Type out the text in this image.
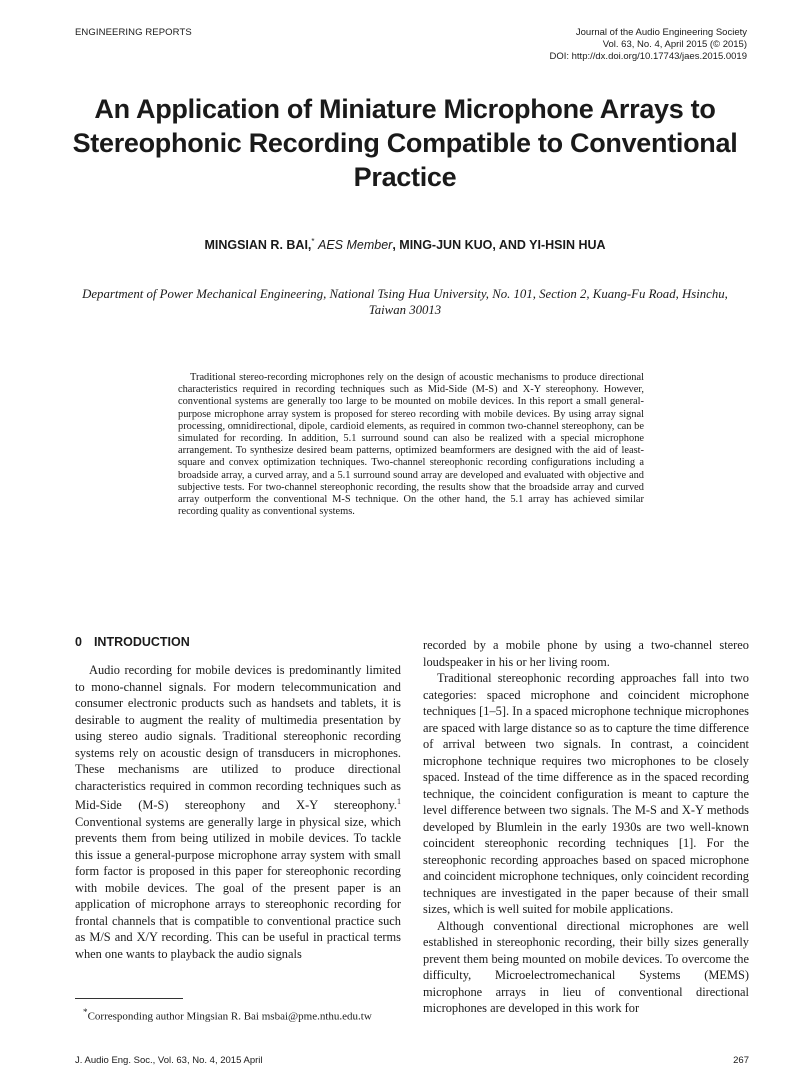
ENGINEERING REPORTS	Journal of the Audio Engineering Society
Vol. 63, No. 4, April 2015 (© 2015)
DOI: http://dx.doi.org/10.17743/jaes.2015.0019
An Application of Miniature Microphone Arrays to Stereophonic Recording Compatible to Conventional Practice
MINGSIAN R. BAI,* AES Member, MING-JUN KUO, AND YI-HSIN HUA
Department of Power Mechanical Engineering, National Tsing Hua University, No. 101, Section 2, Kuang-Fu Road, Hsinchu, Taiwan 30013
Traditional stereo-recording microphones rely on the design of acoustic mechanisms to produce directional characteristics required in recording techniques such as Mid-Side (M-S) and X-Y stereophony. However, conventional systems are generally too large to be mounted on mobile devices. In this report a small general-purpose microphone array system is proposed for stereo recording with mobile devices. By using array signal processing, omnidirectional, dipole, cardioid elements, as required in common two-channel stereophony, can be simulated for recording. In addition, 5.1 surround sound can also be realized with a special microphone arrangement. To synthesize desired beam patterns, optimized beamformers are designed with the aid of least-square and convex optimization techniques. Two-channel stereophonic recording configurations including a broadside array, a curved array, and a 5.1 surround sound array are developed and evaluated with objective and subjective tests. For two-channel stereophonic recording, the results show that the broadside array and curved array outperform the conventional M-S technique. On the other hand, the 5.1 array has achieved similar recording quality as conventional systems.
0 INTRODUCTION

Audio recording for mobile devices is predominantly limited to mono-channel signals. For modern telecommunication and consumer electronic products such as handsets and tablets, it is desirable to augment the reality of multimedia presentation by using stereo audio signals. Traditional stereophonic recording systems rely on acoustic design of transducers in microphones. These mechanisms are utilized to produce directional characteristics required in common recording techniques such as Mid-Side (M-S) stereophony and X-Y stereophony.$^1$ Conventional systems are generally large in physical size, which prevents them from being utilized in mobile devices. To tackle this issue a general-purpose microphone array system with small form factor is proposed in this paper for stereophonic recording with mobile devices. The goal of the present paper is an application of microphone arrays to stereophonic recording for frontal channels that is compatible to conventional practice such as M/S and X/Y recording. This can be useful in practical terms when one wants to playback the audio signals

recorded by a mobile phone by using a two-channel stereo loudspeaker in his or her living room.

Traditional stereophonic recording approaches fall into two categories: spaced microphone and coincident microphone techniques [1–5]. In a spaced microphone technique microphones are spaced with large distance so as to capture the time difference of arrival between two signals. In contrast, a coincident microphone technique requires two microphones to be closely spaced. Instead of the time difference as in the spaced recording technique, the coincident configuration is meant to capture the level difference between two signals. The M-S and X-Y methods developed by Blumlein in the early 1930s are two well-known coincident stereophonic recording techniques [1]. For the stereophonic recording approaches based on spaced microphone and coincident microphone techniques, only coincident recording techniques are investigated in the paper because of their small sizes, which is well suited for mobile applications.

Although conventional directional microphones are well established in stereophonic recording, their billy sizes generally prevent them being mounted on mobile devices. To overcome the difficulty, Microelectromechanical Systems (MEMS) microphone arrays in lieu of conventional directional microphones are developed in this work for

*Corresponding author Mingsian R. Bai msbai@pme.nthu.edu.tw
J. Audio Eng. Soc., Vol. 63, No. 4, 2015 April	267
